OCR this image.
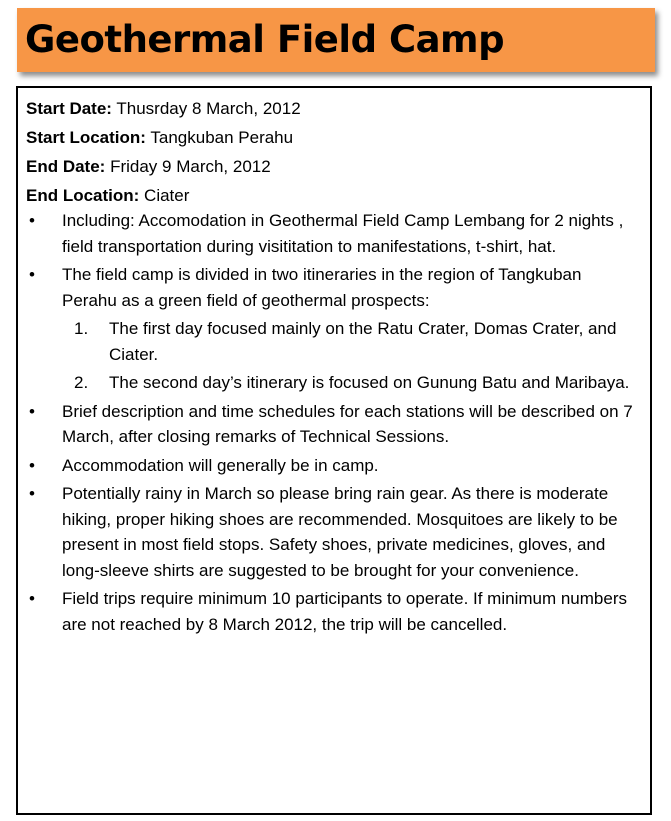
Geothermal Field Camp
Start Date: Thusrday 8 March, 2012
Start Location: Tangkuban Perahu
End Date: Friday 9 March, 2012
End Location: Ciater
• Including: Accomodation in Geothermal Field Camp Lembang for 2 nights , field transportation during visititation to manifestations, t-shirt, hat.
• The field camp is divided in two itineraries in the region of Tangkuban Perahu as a green field of geothermal prospects:
1. The first day focused mainly on the Ratu Crater, Domas Crater, and Ciater.
2. The second day’s itinerary is focused on Gunung Batu and Maribaya.
• Brief description and time schedules for each stations will be described on 7 March, after closing remarks of Technical Sessions.
• Accommodation will generally be in camp.
• Potentially rainy in March so please bring rain gear. As there is moderate hiking, proper hiking shoes are recommended. Mosquitoes are likely to be present in most field stops. Safety shoes, private medicines, gloves, and long-sleeve shirts are suggested to be brought for your convenience.
• Field trips require minimum 10 participants to operate. If minimum numbers are not reached by 8 March 2012, the trip will be cancelled.
